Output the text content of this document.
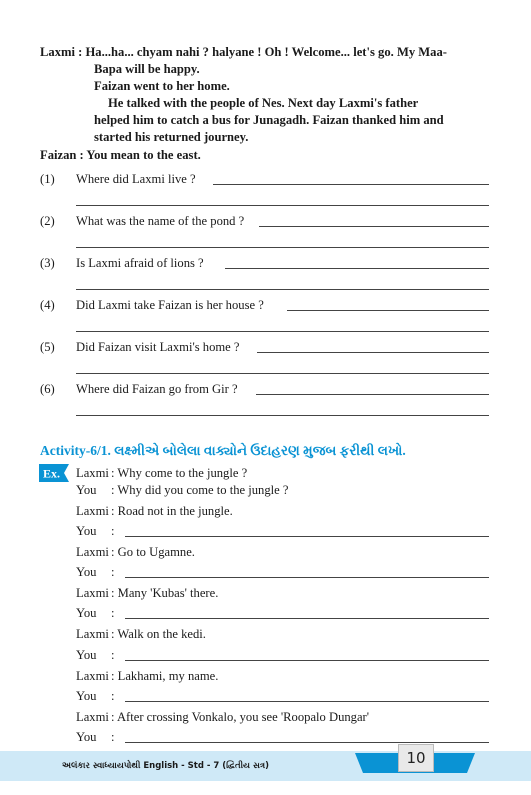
Laxmi : Ha...ha... chyam nahi ? halyane ! Oh ! Welcome... let's go. My Maa-
Bapa will be happy.
Faizan went to her home.
He talked with the people of Nes. Next day Laxmi's father
helped him to catch a bus for Junagadh. Faizan thanked him and
started his returned journey.
Faizan : You mean to the east.
(1) Where did Laxmi live ?
(2) What was the name of the pond ?
(3) Is Laxmi afraid of lions ?
(4) Did Laxmi take Faizan is her house ?
(5) Did Faizan visit Laxmi's home ?
(6) Where did Faizan go from Gir ?
Activity-6/1. લક્ષ્મીએ બોલેલા વાક્યોને ઉદાહરણ મુજબ ફરીથી લખો.
Ex. Laxmi : Why come to the jungle ?
You : Why did you come to the jungle ?
Laxmi : Road not in the jungle.
You :
Laxmi : Go to Ugamne.
You :
Laxmi : Many 'Kubas' there.
You :
Laxmi : Walk on the kedi.
You :
Laxmi : Lakhami, my name.
You :
Laxmi : After crossing Vonkalo, you see 'Roopalo Dungar'
You :
અલંકાર સ્વાધ્યાયપોથી English - Std - 7 (દ્વિતીય સત્ર)	10
